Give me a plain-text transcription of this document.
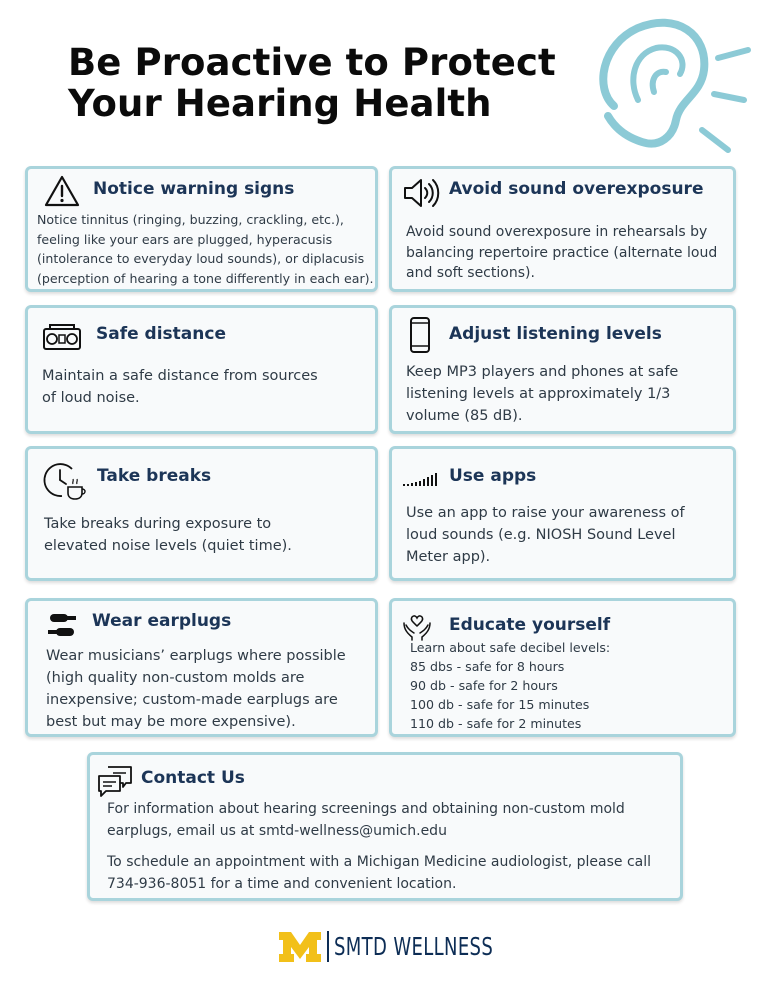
Be Proactive to Protect
Your Hearing Health
Notice warning signs

Notice tinnitus (ringing, buzzing, crackling, etc.),

feeling like your ears are plugged, hyperacusis

(intolerance to everyday loud sounds), or diplacusis

(perception of hearing a tone differently in each ear).

Avoid sound overexposure

Avoid sound overexposure in rehearsals by

balancing repertoire practice (alternate loud

and soft sections).

Safe distance

Maintain a safe distance from sources

of loud noise.

Adjust listening levels

Keep MP3 players and phones at safe

listening levels at approximately 1/3

volume (85 dB).

Take breaks

Take breaks during exposure to

elevated noise levels (quiet time).

Use apps

Use an app to raise your awareness of

loud sounds (e.g. NIOSH Sound Level

Meter app).

Wear earplugs

Wear musicians’ earplugs where possible

(high quality non-custom molds are

inexpensive; custom-made earplugs are

best but may be more expensive).

Educate yourself

Learn about safe decibel levels:

85 dbs - safe for 8 hours

90 db - safe for 2 hours

100 db - safe for 15 minutes

110 db - safe for 2 minutes

Contact Us

For information about hearing screenings and obtaining non-custom mold

earplugs, email us at smtd-wellness@umich.edu

To schedule an appointment with a Michigan Medicine audiologist, please call

734-936-8051 for a time and convenient location.

SMTD WELLNESS
